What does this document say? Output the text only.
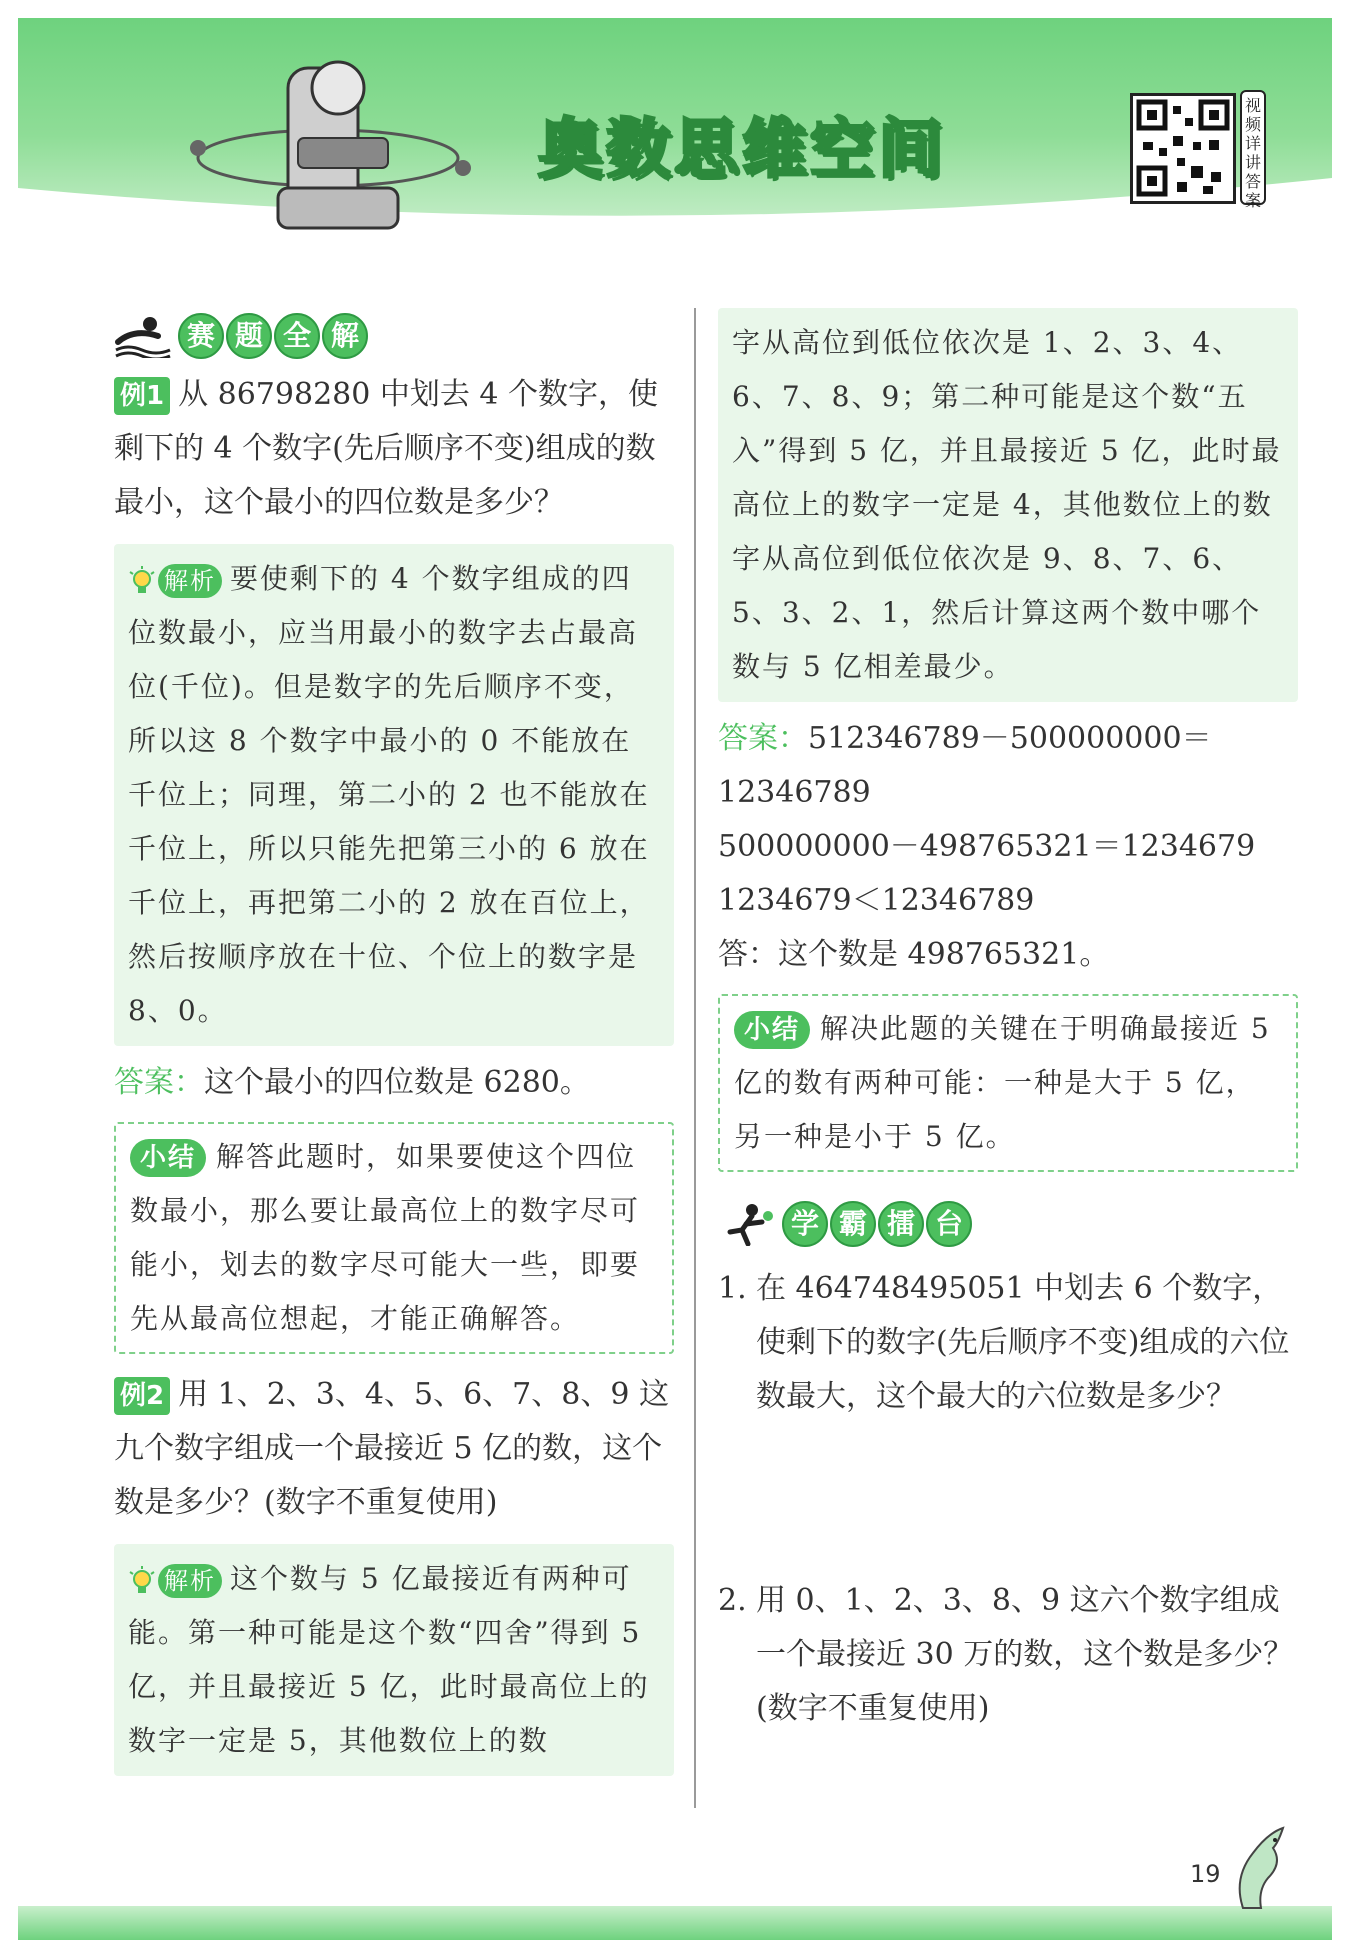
奥数思维空间
视频详讲答案
赛 题 全 解
例1 从 86798280 中划去 4 个数字，使剩下的 4 个数字(先后顺序不变)组成的数最小，这个最小的四位数是多少？
解析 要使剩下的 4 个数字组成的四位数最小，应当用最小的数字去占最高位(千位)。但是数字的先后顺序不变，所以这 8 个数字中最小的 0 不能放在千位上；同理，第二小的 2 也不能放在千位上，所以只能先把第三小的 6 放在千位上，再把第二小的 2 放在百位上，然后按顺序放在十位、个位上的数字是 8、0。
答案：这个最小的四位数是 6280。
小结 解答此题时，如果要使这个四位数最小，那么要让最高位上的数字尽可能小，划去的数字尽可能大一些，即要先从最高位想起，才能正确解答。
例2 用 1、2、3、4、5、6、7、8、9 这九个数字组成一个最接近 5 亿的数，这个数是多少？(数字不重复使用)
解析 这个数与 5 亿最接近有两种可能。第一种可能是这个数“四舍”得到 5 亿，并且最接近 5 亿，此时最高位上的数字一定是 5，其他数位上的数
字从高位到低位依次是 1、2、3、4、6、7、8、9；第二种可能是这个数“五入”得到 5 亿，并且最接近 5 亿，此时最高位上的数字一定是 4，其他数位上的数字从高位到低位依次是 9、8、7、6、5、3、2、1，然后计算这两个数中哪个数与 5 亿相差最少。
答案：512346789－500000000＝12346789
500000000－498765321＝1234679
1234679＜12346789
答：这个数是 498765321。
小结 解决此题的关键在于明确最接近 5 亿的数有两种可能：一种是大于 5 亿，另一种是小于 5 亿。
学 霸 擂 台
1. 在 464748495051 中划去 6 个数字，使剩下的数字(先后顺序不变)组成的六位数最大，这个最大的六位数是多少？
2. 用 0、1、2、3、8、9 这六个数字组成一个最接近 30 万的数，这个数是多少？(数字不重复使用)
19
